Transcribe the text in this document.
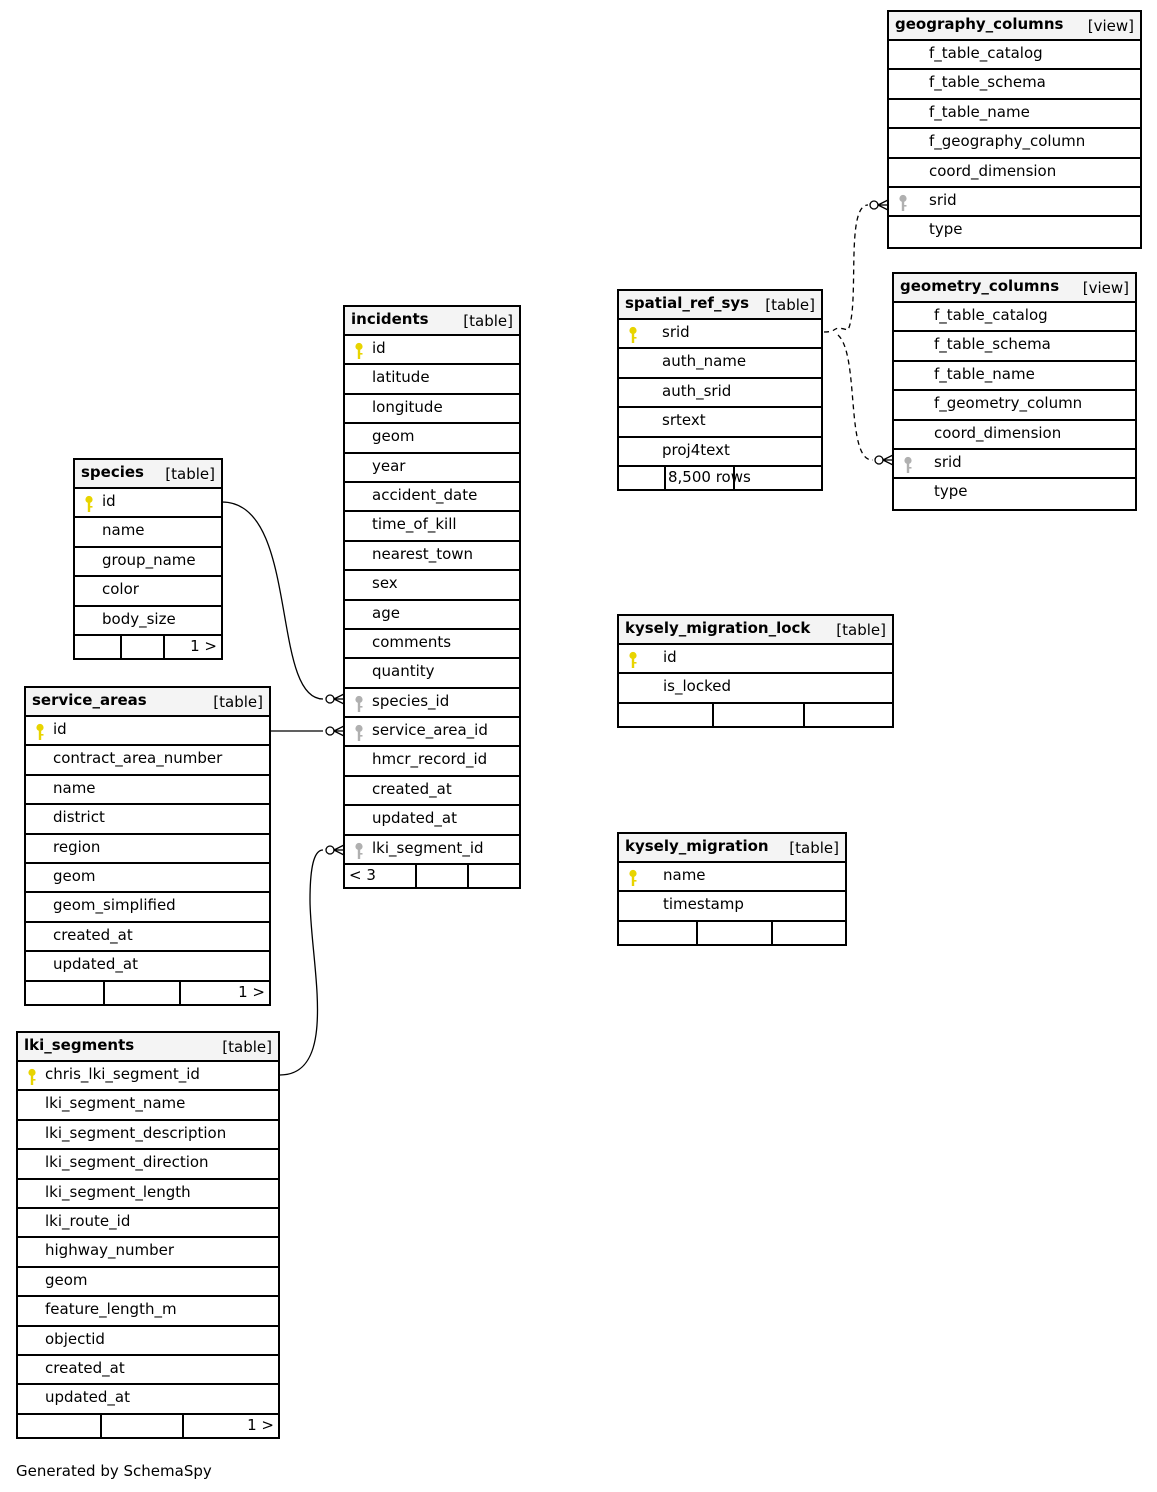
geography_columns [view]
f_table_catalog
f_table_schema
f_table_name
f_geography_column
coord_dimension
srid
type
geometry_columns [view]
f_table_catalog
f_table_schema
f_table_name
f_geometry_column
coord_dimension
srid
type
spatial_ref_sys [table]
srid
auth_name
auth_srid
srtext
proj4text
8,500 rows
incidents [table]
id
latitude
longitude
geom
year
accident_date
time_of_kill
nearest_town
sex
age
comments
quantity
species_id
service_area_id
hmcr_record_id
created_at
updated_at
lki_segment_id
< 3
species [table]
id
name
group_name
color
body_size
1 >
service_areas	[table]
id
contract_area_number
name
district
region
geom
geom_simplified
created_at
updated_at
1 >
lki_segments	[table]
chris_lki_segment_id
lki_segment_name
lki_segment_description
lki_segment_direction
lki_segment_length
lki_route_id
highway_number
geom
feature_length_m
objectid
created_at
updated_at
1 >
kysely_migration_lock [table]
id
is_locked
kysely_migration [table]
name
timestamp
Generated by SchemaSpy
